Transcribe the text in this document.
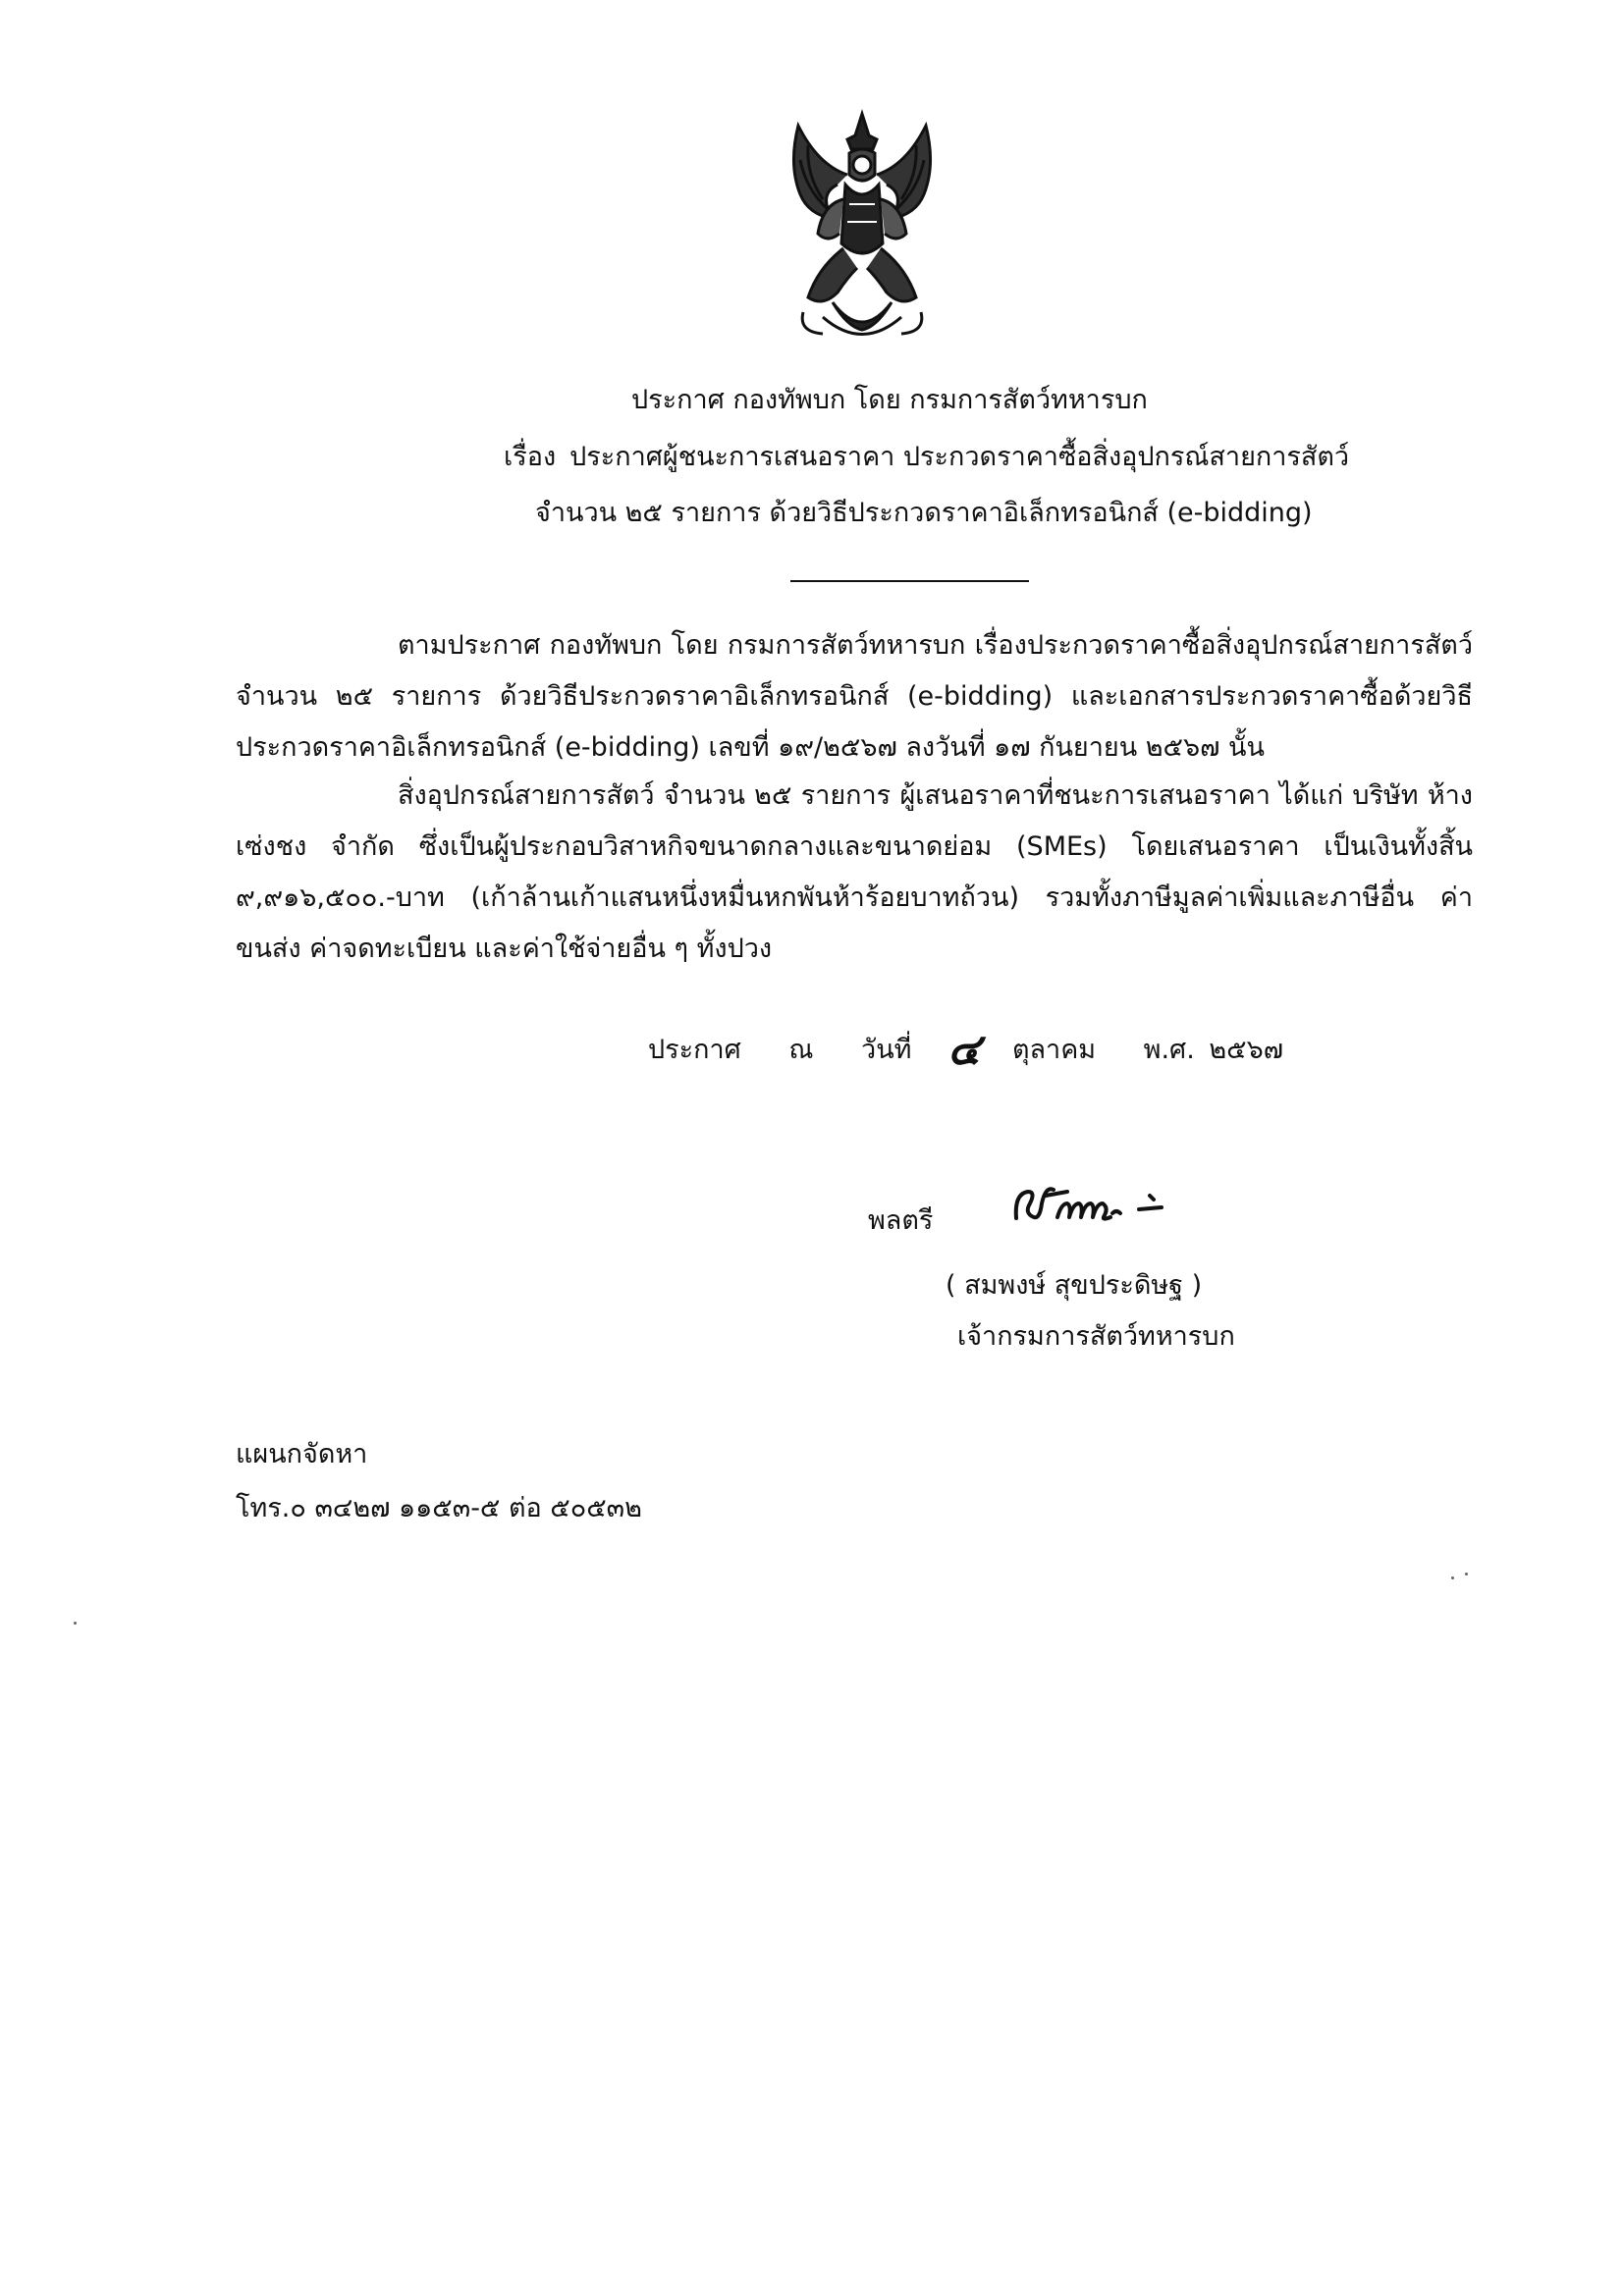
ประกาศ กองทัพบก โดย กรมการสัตว์ทหารบก
เรื่อง ประกาศผู้ชนะการเสนอราคา ประกวดราคาซื้อสิ่งอุปกรณ์สายการสัตว์
จำนวน ๒๕ รายการ ด้วยวิธีประกวดราคาอิเล็กทรอนิกส์ (e-bidding)

ตามประกาศ กองทัพบก โดย กรมการสัตว์ทหารบก เรื่องประกวดราคาซื้อสิ่งอุปกรณ์สายการสัตว์ จำนวน ๒๕ รายการ ด้วยวิธีประกวดราคาอิเล็กทรอนิกส์ (e-bidding) และเอกสารประกวดราคาซื้อด้วยวิธีประกวดราคาอิเล็กทรอนิกส์ (e-bidding) เลขที่ ๑๙/๒๕๖๗ ลงวันที่ ๑๗ กันยายน ๒๕๖๗ นั้น

สิ่งอุปกรณ์สายการสัตว์ จำนวน ๒๕ รายการ ผู้เสนอราคาที่ชนะการเสนอราคา ได้แก่ บริษัท ห้างเซ่งชง จำกัด ซึ่งเป็นผู้ประกอบวิสาหกิจขนาดกลางและขนาดย่อม (SMEs) โดยเสนอราคา เป็นเงินทั้งสิ้น ๙,๙๑๖,๕๐๐.-บาท (เก้าล้านเก้าแสนหนึ่งหมื่นหกพันห้าร้อยบาทถ้วน) รวมทั้งภาษีมูลค่าเพิ่มและภาษีอื่น ค่าขนส่ง ค่าจดทะเบียน และค่าใช้จ่ายอื่น ๆ ทั้งปวง

ประกาศ ณ วันที่ ๔ ตุลาคม พ.ศ. ๒๕๖๗
พลตรี
( สมพงษ์ สุขประดิษฐ )
เจ้ากรมการสัตว์ทหารบก
แผนกจัดหา
โทร.๐ ๓๔๒๗ ๑๑๕๓-๕ ต่อ ๕๐๕๓๒
